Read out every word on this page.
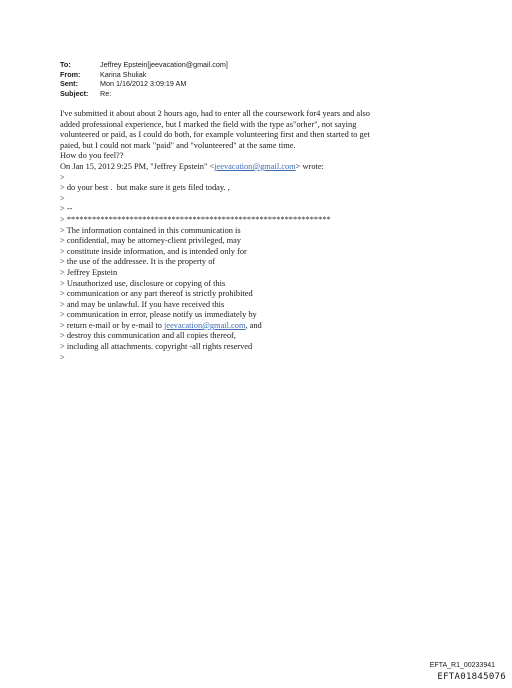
To:	Jeffrey Epstein[jeevacation@gmail.com]
From:	Karina Shuliak
Sent:	Mon 1/16/2012 3:09:19 AM
Subject:	Re:
I've submitted it about about 2 hours ago, had to enter all the coursework for4 years and also
added professional experience, but I marked the field with the type as"orher", not saying
volunteered or paid, as I could do both, for example volunteering first and then started to get
paied, but I could not mark "paid" and "volunteered" at the same time.
How do you feel??
On Jan 15, 2012 9:25 PM, "Jeffrey Epstein" <jeevacation@gmail.com> wrote:
>
> do your best .  but make sure it gets filed today. ,
>
> --
> ***************************************************************
> The information contained in this communication is
> confidential, may be attorney-client privileged, may
> constitute inside information, and is intended only for
> the use of the addressee. It is the property of
> Jeffrey Epstein
> Unauthorized use, disclosure or copying of this
> communication or any part thereof is strictly prohibited
> and may be unlawful. If you have received this
> communication in error, please notify us immediately by
> return e-mail or by e-mail to jeevacation@gmail.com, and
> destroy this communication and all copies thereof,
> including all attachments. copyright -all rights reserved
>
EFTA_R1_00233941
EFTA01845076
